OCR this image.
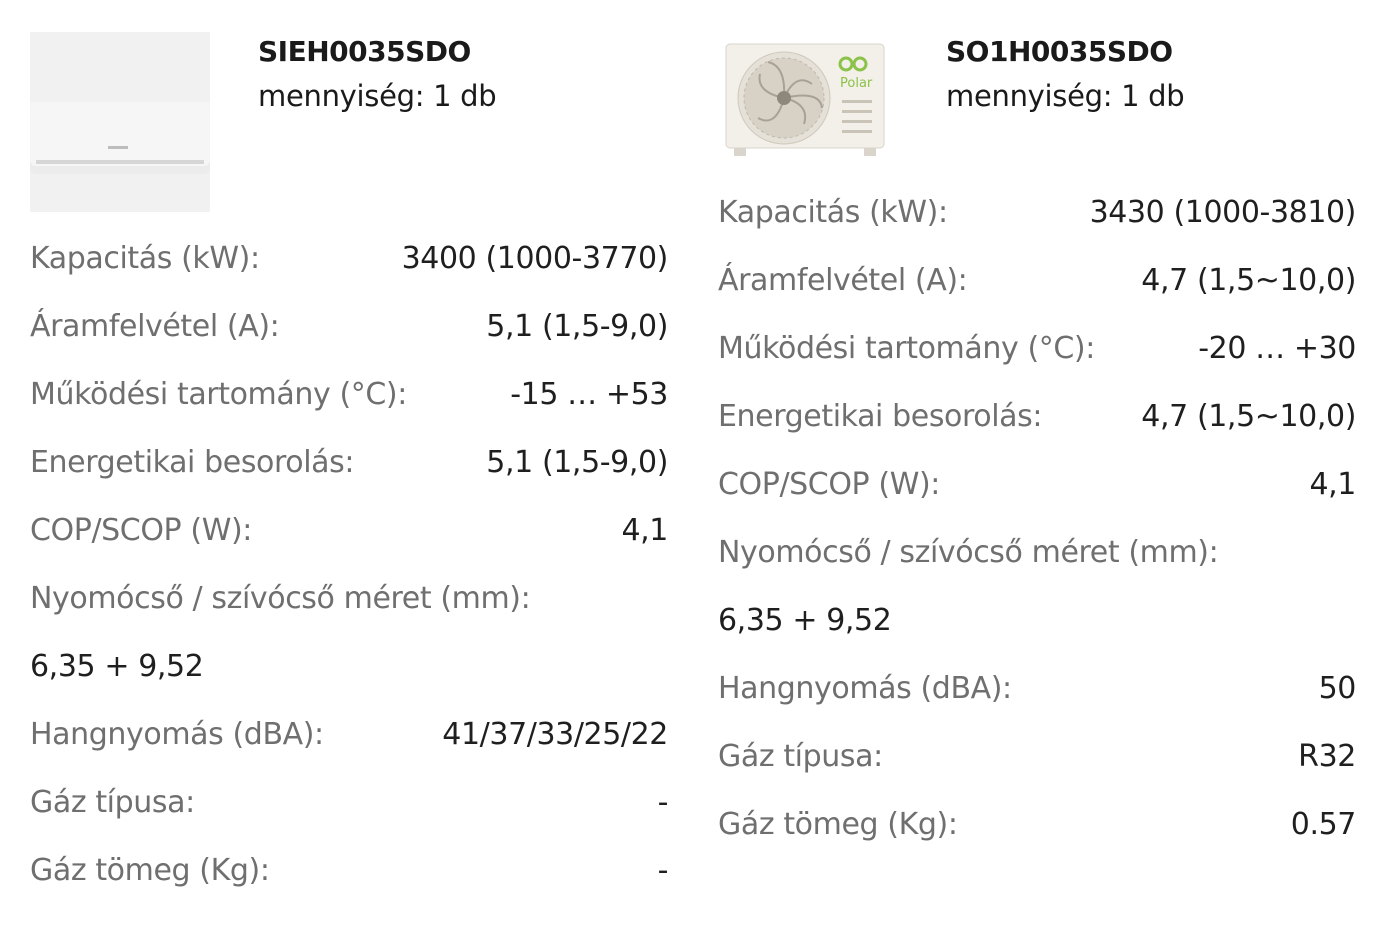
SIEH0035SDO
mennyiség: 1 db
Kapacitás (kW):	3400 (1000-3770)
Áramfelvétel (A):	5,1 (1,5-9,0)
Működési tartomány (°C):	-15 … +53
Energetikai besorolás:	5,1 (1,5-9,0)
COP/SCOP (W):	4,1
Nyomócső / szívócső méret (mm):
6,35 + 9,52
Hangnyomás (dBA):	41/37/33/25/22
Gáz típusa:	-
Gáz tömeg (Kg):	-
Polar
SO1H0035SDO
mennyiség: 1 db
Kapacitás (kW):	3430 (1000-3810)
Áramfelvétel (A):	4,7 (1,5~10,0)
Működési tartomány (°C):	-20 … +30
Energetikai besorolás:	4,7 (1,5~10,0)
COP/SCOP (W):	4,1
Nyomócső / szívócső méret (mm):
6,35 + 9,52
Hangnyomás (dBA):	50
Gáz típusa:	R32
Gáz tömeg (Kg):	0.57
